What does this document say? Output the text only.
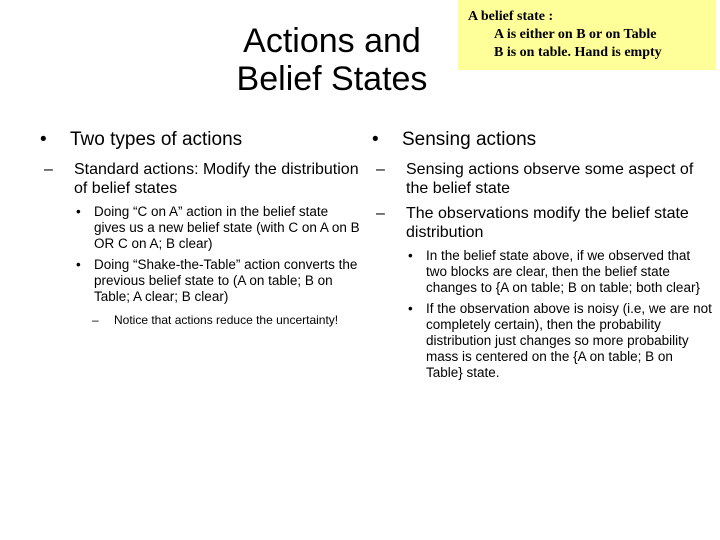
Actions and
Belief States
A belief state :
A is either on B or on Table
B is on table. Hand is empty
• Two types of actions
– Standard actions: Modify the distribution of belief states
• Doing “C on A” action in the belief state gives us a new belief state (with C on A on B OR C on A; B clear)
• Doing “Shake-the-Table” action converts the previous belief state to (A on table; B on Table; A clear; B clear)
– Notice that actions reduce the uncertainty!
• Sensing actions
– Sensing actions observe some aspect of the belief state
– The observations modify the belief state distribution
• In the belief state above, if we observed that two blocks are clear, then the belief state changes to {A on table; B on table; both clear}
• If the observation above is noisy (i.e, we are not completely certain), then the probability distribution just changes so more probability mass is centered on the {A on table; B on Table} state.
